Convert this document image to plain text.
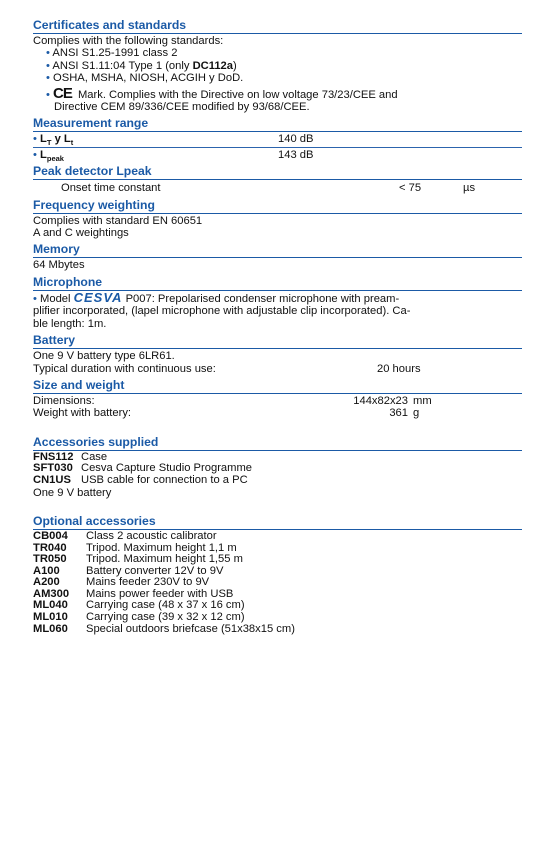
Certificates and standards
Complies with the following standards:
• ANSI S1.25-1991 class 2
• ANSI S1.11:04 Type 1 (only DC112a)
• OSHA, MSHA, NIOSH, ACGIH y DoD.
• CE Mark. Complies with the Directive on low voltage 73/23/CEE and
Directive CEM 89/336/CEE modified by 93/68/CEE.
Measurement range
• $L_T$ y $L_t$	140 dB
• $L_{peak}$	143 dB
Peak detector Lpeak
Onset time constant	< 75	µs
Frequency weighting
Complies with standard EN 60651
A and C weightings
Memory
64 Mbytes
Microphone
• Model CESVA P007: Prepolarised condenser microphone with pream-
plifier incorporated, (lapel microphone with adjustable clip incorporated). Ca-
ble length: 1m.
Battery
One 9 V battery type 6LR61.
Typical duration with continuous use:	20 hours
Size and weight
Dimensions:	144x82x23 mm
Weight with battery:	361 g
Accessories supplied
FNS112 Case
SFT030 Cesva Capture Studio Programme
CN1US USB cable for connection to a PC
One 9 V battery
Optional accessories
CB004	Class 2 acoustic calibrator
TR040	Tripod. Maximum height 1,1 m
TR050	Tripod. Maximum height 1,55 m
A100	Battery converter 12V to 9V
A200	Mains feeder 230V to 9V
AM300	Mains power feeder with USB
ML040	Carrying case (48 x 37 x 16 cm)
ML010	Carrying case (39 x 32 x 12 cm)
ML060	Special outdoors briefcase (51x38x15 cm)
